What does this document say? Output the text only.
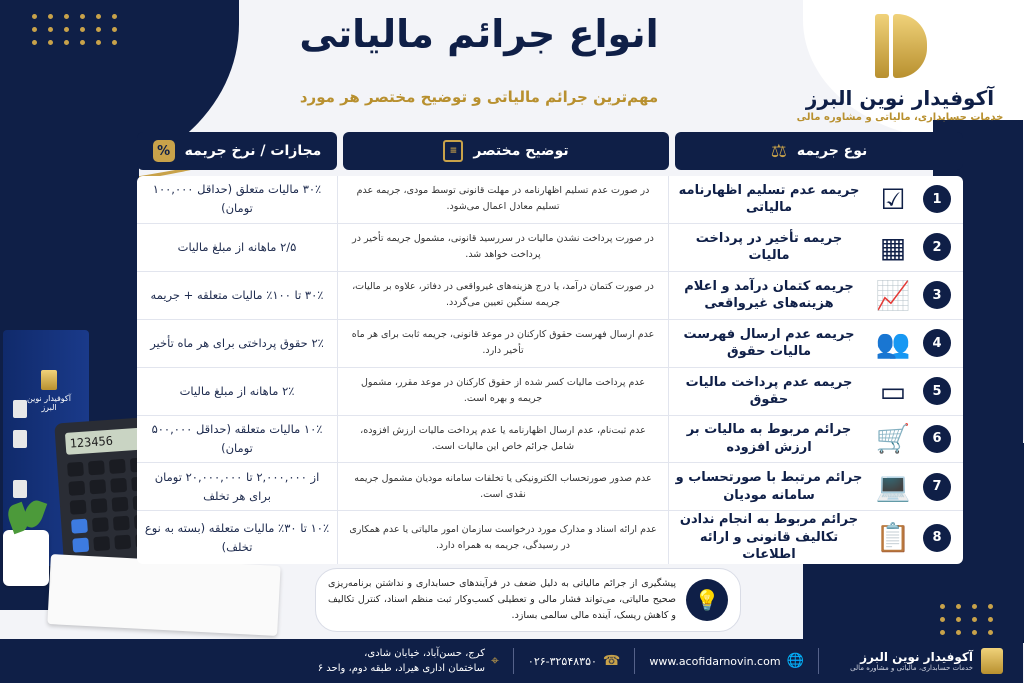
آکوفیدار نوین البرز
خدمات حسابداری، مالیاتی و مشاوره مالی
انواع جرائم مالیاتی
مهم‌ترین جرائم مالیاتی و توضیح مختصر هر مورد
آکوفیدار نوین البرز
123456
نوع جریمه
⚖
توضیح مختصر
≡
مجازات / نرخ جریمه
%
1
☑
جریمه عدم تسلیم اظهارنامه مالیاتی
در صورت عدم تسلیم اظهارنامه در مهلت قانونی توسط مودی، جریمه عدم تسلیم معادل اعمال می‌شود.
۳۰٪ مالیات متعلق (حداقل ۱۰۰,۰۰۰ تومان)
2
▦
جریمه تأخیر در پرداخت مالیات
در صورت پرداخت نشدن مالیات در سررسید قانونی، مشمول جریمه تأخیر در پرداخت خواهد شد.
۲/۵ ماهانه از مبلغ مالیات
3
📈
جریمه کتمان درآمد و اعلام هزینه‌های غیرواقعی
در صورت کتمان درآمد، یا درج هزینه‌های غیرواقعی در دفاتر، علاوه بر مالیات، جریمه سنگین تعیین می‌گردد.
۳۰٪ تا ۱۰۰٪ مالیات متعلقه + جریمه
4
👥
جریمه عدم ارسال فهرست مالیات حقوق
عدم ارسال فهرست حقوق کارکنان در موعد قانونی، جریمه ثابت برای هر ماه تأخیر دارد.
۲٪ حقوق پرداختی برای هر ماه تأخیر
5
▭
جریمه عدم پرداخت مالیات حقوق
عدم پرداخت مالیات کسر شده از حقوق کارکنان در موعد مقرر، مشمول جریمه و بهره است.
۲٪ ماهانه از مبلغ مالیات
6
🛒
جرائم مربوط به مالیات بر ارزش افزوده
عدم ثبت‌نام، عدم ارسال اظهارنامه یا عدم پرداخت مالیات ارزش افزوده، شامل جرائم خاص این مالیات است.
۱۰٪ مالیات متعلقه (حداقل ۵۰۰,۰۰۰ تومان)
7
💻
جرائم مرتبط با صورتحساب و سامانه مودیان
عدم صدور صورتحساب الکترونیکی یا تخلفات سامانه مودیان مشمول جریمه نقدی است.
از ۲,۰۰۰,۰۰۰ تا ۲۰,۰۰۰,۰۰۰ تومان برای هر تخلف
8
📋
جرائم مربوط به انجام ندادن تکالیف قانونی و ارائه اطلاعات
عدم ارائه اسناد و مدارک مورد درخواست سازمان امور مالیاتی یا عدم همکاری در رسیدگی، جریمه به همراه دارد.
۱۰٪ تا ۳۰٪ مالیات متعلقه (بسته به نوع تخلف)
💡
پیشگیری از جرائم مالیاتی به دلیل ضعف در فرآیندهای حسابداری و نداشتن برنامه‌ریزی صحیح مالیاتی، می‌تواند فشار مالی و تعطیلی کسب‌وکار ثبت منظم اسناد، کنترل تکالیف و کاهش ریسک، آینده مالی سالمی بسازد.
آکوفیدار نوین البرز
خدمات حسابداری، مالیاتی و مشاوره مالی
🌐
www.acofidarnovin.com
☎
۰۲۶-۳۲۵۴۸۳۵۰
⌖
کرج، حسن‌آباد، خیابان شادی،
ساختمان اداری هیراد، طبقه دوم، واحد ۶
